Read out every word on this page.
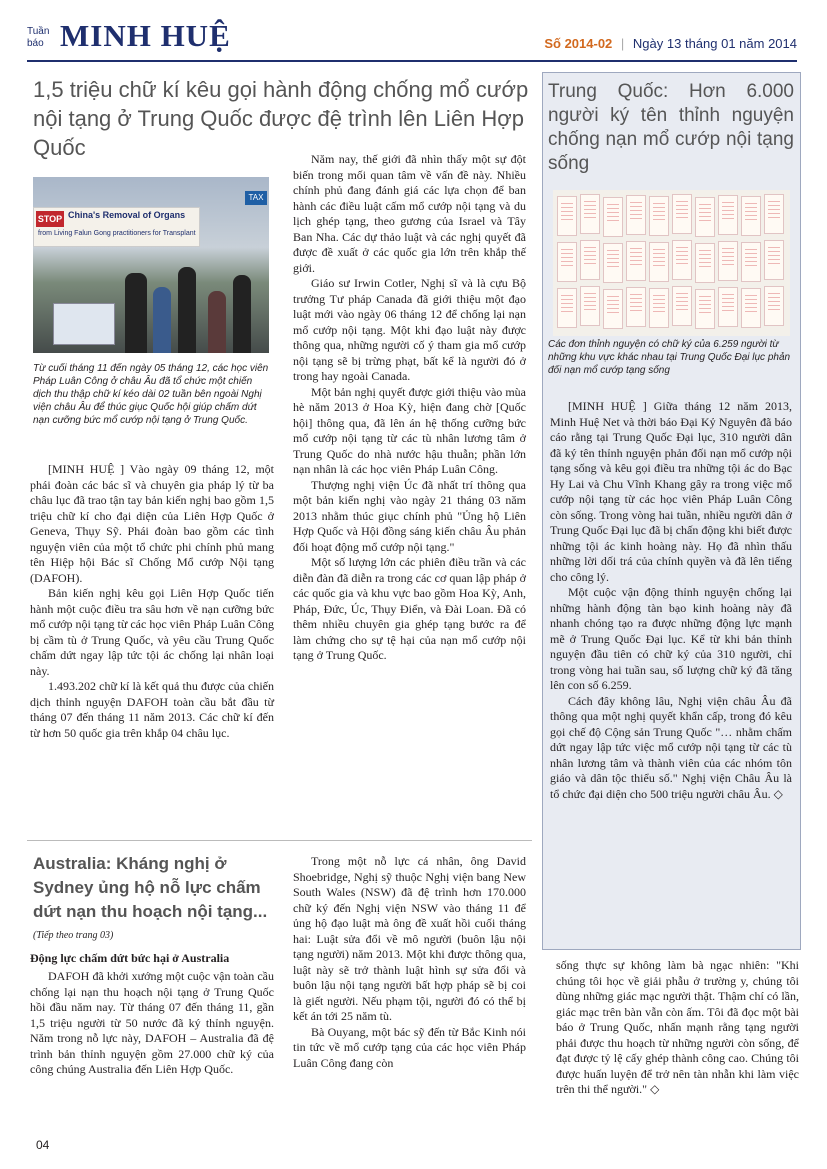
Tuần báo MINH HUỆ	Số 2014-02 | Ngày 13 tháng 01 năm 2014
1,5 triệu chữ kí kêu gọi hành động chống mổ cướp nội tạng ở Trung Quốc được đệ trình lên Liên Hợp Quốc
STOP China's Removal of Organs
from Living Falun Gong practitioners for Transplant
TAX
Từ cuối tháng 11 đến ngày 05 tháng 12, các học viên Pháp Luân Công ở châu Âu đã tổ chức một chiến dịch thu thập chữ kí kéo dài 02 tuần bên ngoài Nghị viện châu Âu để thúc giục Quốc hội giúp chấm dứt nạn cưỡng bức mổ cướp nội tạng ở Trung Quốc.

[MINH HUỆ ] Vào ngày 09 tháng 12, một phái đoàn các bác sĩ và chuyên gia pháp lý từ ba châu lục đã trao tận tay bản kiến nghị bao gồm 1,5 triệu chữ kí cho đại diện của Liên Hợp Quốc ở Geneva, Thụy Sỹ. Phái đoàn bao gồm các tình nguyện viên của một tổ chức phi chính phủ mang tên Hiệp hội Bác sĩ Chống Mổ cướp Nội tạng (DAFOH).

Bản kiến nghị kêu gọi Liên Hợp Quốc tiến hành một cuộc điều tra sâu hơn về nạn cưỡng bức mổ cướp nội tạng từ các học viên Pháp Luân Công bị cầm tù ở Trung Quốc, và yêu cầu Trung Quốc chấm dứt ngay lập tức tội ác chống lại nhân loại này.

1.493.202 chữ kí là kết quả thu được của chiến dịch thỉnh nguyện DAFOH toàn cầu bắt đầu từ tháng 07 đến tháng 11 năm 2013. Các chữ kí đến từ hơn 50 quốc gia trên khắp 04 châu lục.

Năm nay, thế giới đã nhìn thấy một sự đột biến trong mối quan tâm về vấn đề này. Nhiều chính phủ đang đánh giá các lựa chọn để ban hành các điều luật cấm mổ cướp nội tạng và du lịch ghép tạng, theo gương của Israel và Tây Ban Nha. Các dự thảo luật và các nghị quyết đã được đề xuất ở các quốc gia lớn trên khắp thế giới.

Giáo sư Irwin Cotler, Nghị sĩ và là cựu Bộ trưởng Tư pháp Canada đã giới thiệu một đạo luật mới vào ngày 06 tháng 12 để chống lại nạn mổ cướp nội tạng. Một khi đạo luật này được thông qua, những người cố ý tham gia mổ cướp nội tạng sẽ bị trừng phạt, bất kể là người đó ở trong hay ngoài Canada.

Một bản nghị quyết được giới thiệu vào mùa hè năm 2013 ở Hoa Kỳ, hiện đang chờ [Quốc hội] thông qua, đã lên án hệ thống cưỡng bức mổ cướp nội tạng từ các tù nhân lương tâm ở Trung Quốc do nhà nước hậu thuẫn; phần lớn nạn nhân là các học viên Pháp Luân Công.

Thượng nghị viện Úc đã nhất trí thông qua một bản kiến nghị vào ngày 21 tháng 03 năm 2013 nhằm thúc giục chính phủ "Ủng hộ Liên Hợp Quốc và Hội đồng sáng kiến châu Âu phản đối hoạt động mổ cướp nội tạng."

Một số lượng lớn các phiên điều trần và các diễn đàn đã diễn ra trong các cơ quan lập pháp ở các quốc gia và khu vực bao gồm Hoa Kỳ, Anh, Pháp, Đức, Úc, Thụy Điển, và Đài Loan. Đã có thêm nhiều chuyên gia ghép tạng bước ra để làm chứng cho sự tệ hại của nạn mổ cướp nội tạng ở Trung Quốc.

Trung Quốc: Hơn 6.000 người ký tên thỉnh nguyện chống nạn mổ cướp nội tạng sống
Các đơn thỉnh nguyện có chữ ký của 6.259 người từ những khu vực khác nhau tại Trung Quốc Đại lục phản đối nạn mổ cướp tạng sống

[MINH HUỆ ] Giữa tháng 12 năm 2013, Minh Huệ Net và thời báo Đại Kỷ Nguyên đã báo cáo rằng tại Trung Quốc Đại lục, 310 người dân đã ký tên thỉnh nguyện phản đối nạn mổ cướp nội tạng sống và kêu gọi điều tra những tội ác do Bạc Hy Lai và Chu Vĩnh Khang gây ra trong việc mổ cướp nội tạng từ các học viên Pháp Luân Công còn sống. Trong vòng hai tuần, nhiều người dân ở Trung Quốc Đại lục đã bị chấn động khi biết được những tội ác kinh hoàng này. Họ đã nhìn thấu những lời dối trá của chính quyền và đã lên tiếng cho công lý.

Một cuộc vận động thỉnh nguyện chống lại những hành động tàn bạo kinh hoàng này đã nhanh chóng tạo ra được những động lực mạnh mẽ ở Trung Quốc Đại lục. Kể từ khi bản thỉnh nguyện đầu tiên có chữ ký của 310 người, chỉ trong vòng hai tuần sau, số lượng chữ ký đã tăng lên con số 6.259.

Cách đây không lâu, Nghị viện châu Âu đã thông qua một nghị quyết khẩn cấp, trong đó kêu gọi chế độ Cộng sản Trung Quốc "… nhằm chấm dứt ngay lập tức việc mổ cướp nội tạng từ các tù nhân lương tâm và thành viên của các nhóm tôn giáo và dân tộc thiểu số." Nghị viện Châu Âu là tổ chức đại diện cho 500 triệu người châu Âu. ◇

Australia: Kháng nghị ở Sydney ủng hộ nỗ lực chấm dứt nạn thu hoạch nội tạng...
(Tiếp theo trang 03)
Động lực chấm dứt bức hại ở Australia

DAFOH đã khởi xướng một cuộc vận toàn cầu chống lại nạn thu hoạch nội tạng ở Trung Quốc hồi đầu năm nay. Từ tháng 07 đến tháng 11, gần 1,5 triệu người từ 50 nước đã ký thỉnh nguyện. Năm trong nỗ lực này, DAFOH – Australia đã đệ trình bản thỉnh nguyện gồm 27.000 chữ ký của công chúng Australia đến Liên Hợp Quốc.

Trong một nỗ lực cá nhân, ông David Shoebridge, Nghị sỹ thuộc Nghị viện bang New South Wales (NSW) đã đệ trình hơn 170.000 chữ ký đến Nghị viện NSW vào tháng 11 để ủng hộ đạo luật mà ông đề xuất hồi cuối tháng hai: Luật sửa đổi về mô người (buôn lậu nội tạng người) năm 2013. Một khi được thông qua, luật này sẽ trở thành luật hình sự sửa đổi và buôn lậu nội tạng người bất hợp pháp sẽ bị coi là giết người. Nếu phạm tội, người đó có thể bị kết án tới 25 năm tù.

Bà Ouyang, một bác sỹ đến từ Bắc Kinh nói tin tức về mổ cướp tạng của các học viên Pháp Luân Công đang còn

sống thực sự không làm bà ngạc nhiên: "Khi chúng tôi học về giải phẫu ở trường y, chúng tôi dùng những giác mạc người thật. Thậm chí có lần, giác mạc trên bàn vẫn còn ấm. Tôi đã đọc một bài báo ở Trung Quốc, nhấn mạnh rằng tạng người phải được thu hoạch từ những người còn sống, để đạt được tỷ lệ cấy ghép thành công cao. Chúng tôi được huấn luyện để trở nên tàn nhẫn khi làm việc trên thi thể người." ◇

04
